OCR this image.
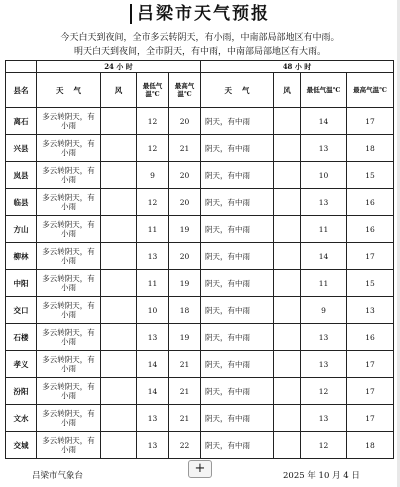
吕梁市天气预报
今天白天到夜间，全市多云转阴天，有小雨，中南部局部地区有中雨。
明天白天到夜间，全市阴天，有中雨，中南部局部地区有大雨。
	24 小 时				48 小 时			
县名	天　 气	风	最低气温℃	最高气温℃	天　 气	风	最低气温℃	最高气温℃
离石	多云转阴天，有小雨		12	20	阴天，有中雨		14	17
兴县	多云转阴天，有小雨		12	21	阴天，有中雨		13	18
岚县	多云转阴天，有小雨		9	20	阴天，有中雨		10	15
临县	多云转阴天，有小雨		12	20	阴天，有中雨		13	16
方山	多云转阴天，有小雨		11	19	阴天，有中雨		11	16
柳林	多云转阴天，有小雨		13	20	阴天，有中雨		14	17
中阳	多云转阴天，有小雨		11	19	阴天，有中雨		11	15
交口	多云转阴天，有小雨		10	18	阴天，有中雨		9	13
石楼	多云转阴天，有小雨		13	19	阴天，有中雨		13	16
孝义	多云转阴天，有小雨		14	21	阴天，有中雨		13	17
汾阳	多云转阴天，有小雨		14	21	阴天，有中雨		12	17
文水	多云转阴天，有小雨		13	21	阴天，有中雨		13	17
交城	多云转阴天，有小雨		13	22	阴天，有中雨		12	18
吕梁市气象台	+	2025 年 10 月 4 日
